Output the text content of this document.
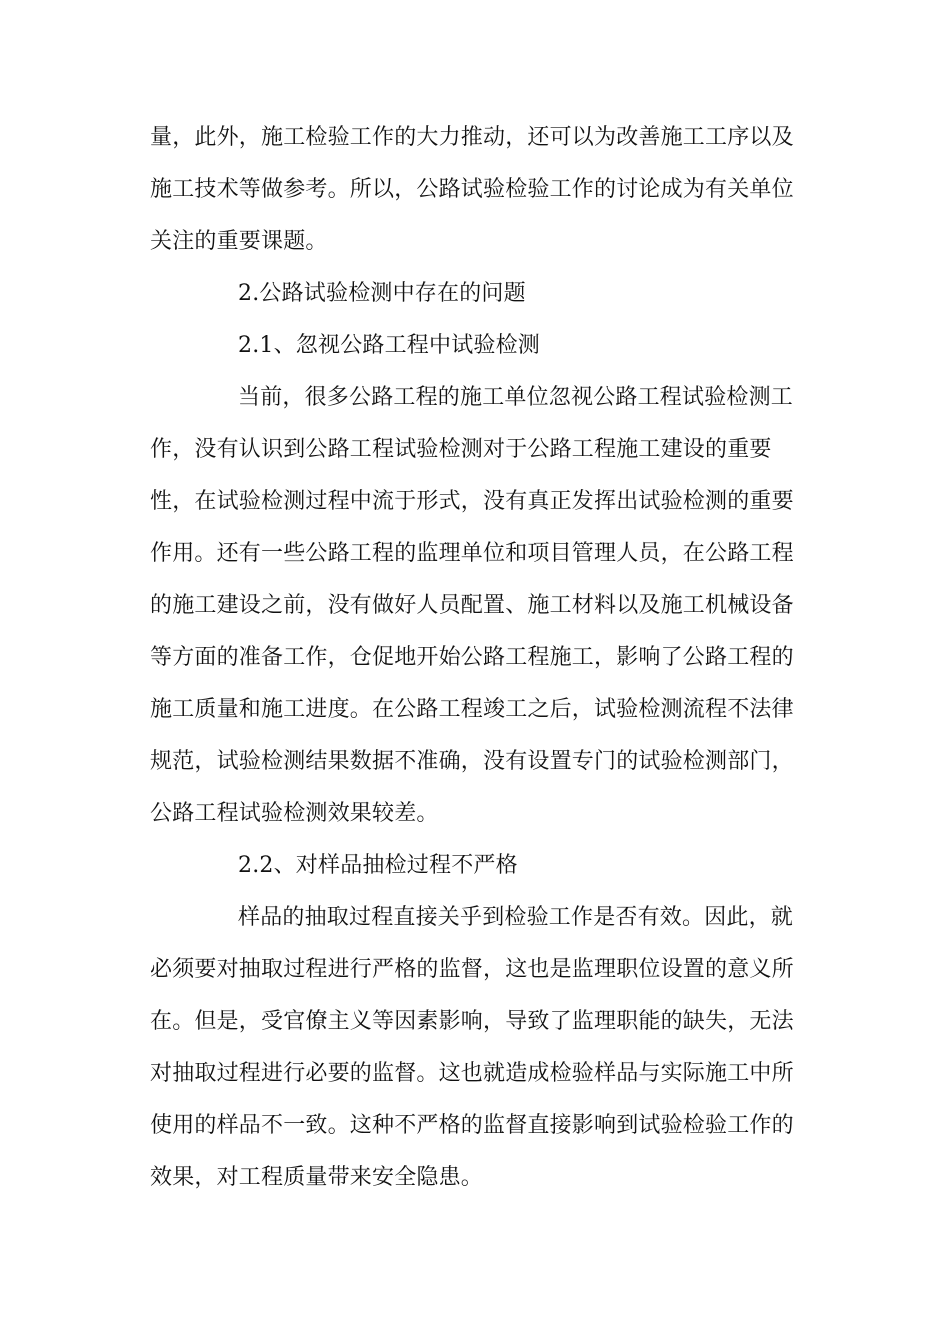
量，此外，施工检验工作的大力推动，还可以为改善施工工序以及
施工技术等做参考。所以，公路试验检验工作的讨论成为有关单位
关注的重要课题。
2.公路试验检测中存在的问题
2.1、忽视公路工程中试验检测
当前，很多公路工程的施工单位忽视公路工程试验检测工
作，没有认识到公路工程试验检测对于公路工程施工建设的重要
性，在试验检测过程中流于形式，没有真正发挥出试验检测的重要
作用。还有一些公路工程的监理单位和项目管理人员，在公路工程
的施工建设之前，没有做好人员配置、施工材料以及施工机械设备
等方面的准备工作，仓促地开始公路工程施工，影响了公路工程的
施工质量和施工进度。在公路工程竣工之后，试验检测流程不法律
规范，试验检测结果数据不准确，没有设置专门的试验检测部门，
公路工程试验检测效果较差。
2.2、对样品抽检过程不严格
样品的抽取过程直接关乎到检验工作是否有效。因此，就
必须要对抽取过程进行严格的监督，这也是监理职位设置的意义所
在。但是，受官僚主义等因素影响，导致了监理职能的缺失，无法
对抽取过程进行必要的监督。这也就造成检验样品与实际施工中所
使用的样品不一致。这种不严格的监督直接影响到试验检验工作的
效果，对工程质量带来安全隐患。
